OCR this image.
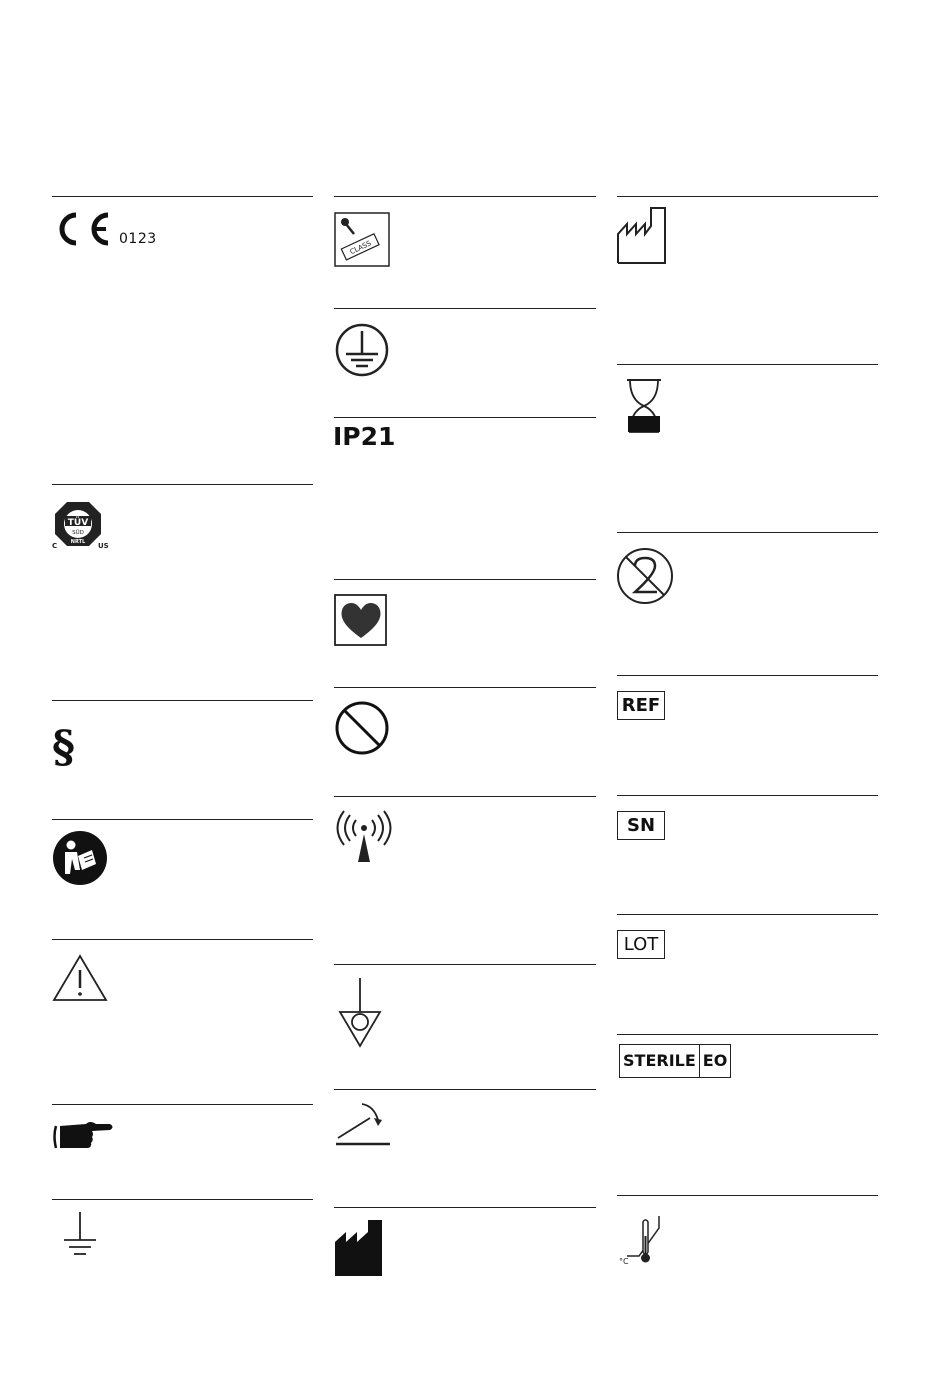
0123
TÜV
SÜD
NRTL
C	US
§
CLASS
IP21
REF
SN
LOT
STERILE EO
°C
